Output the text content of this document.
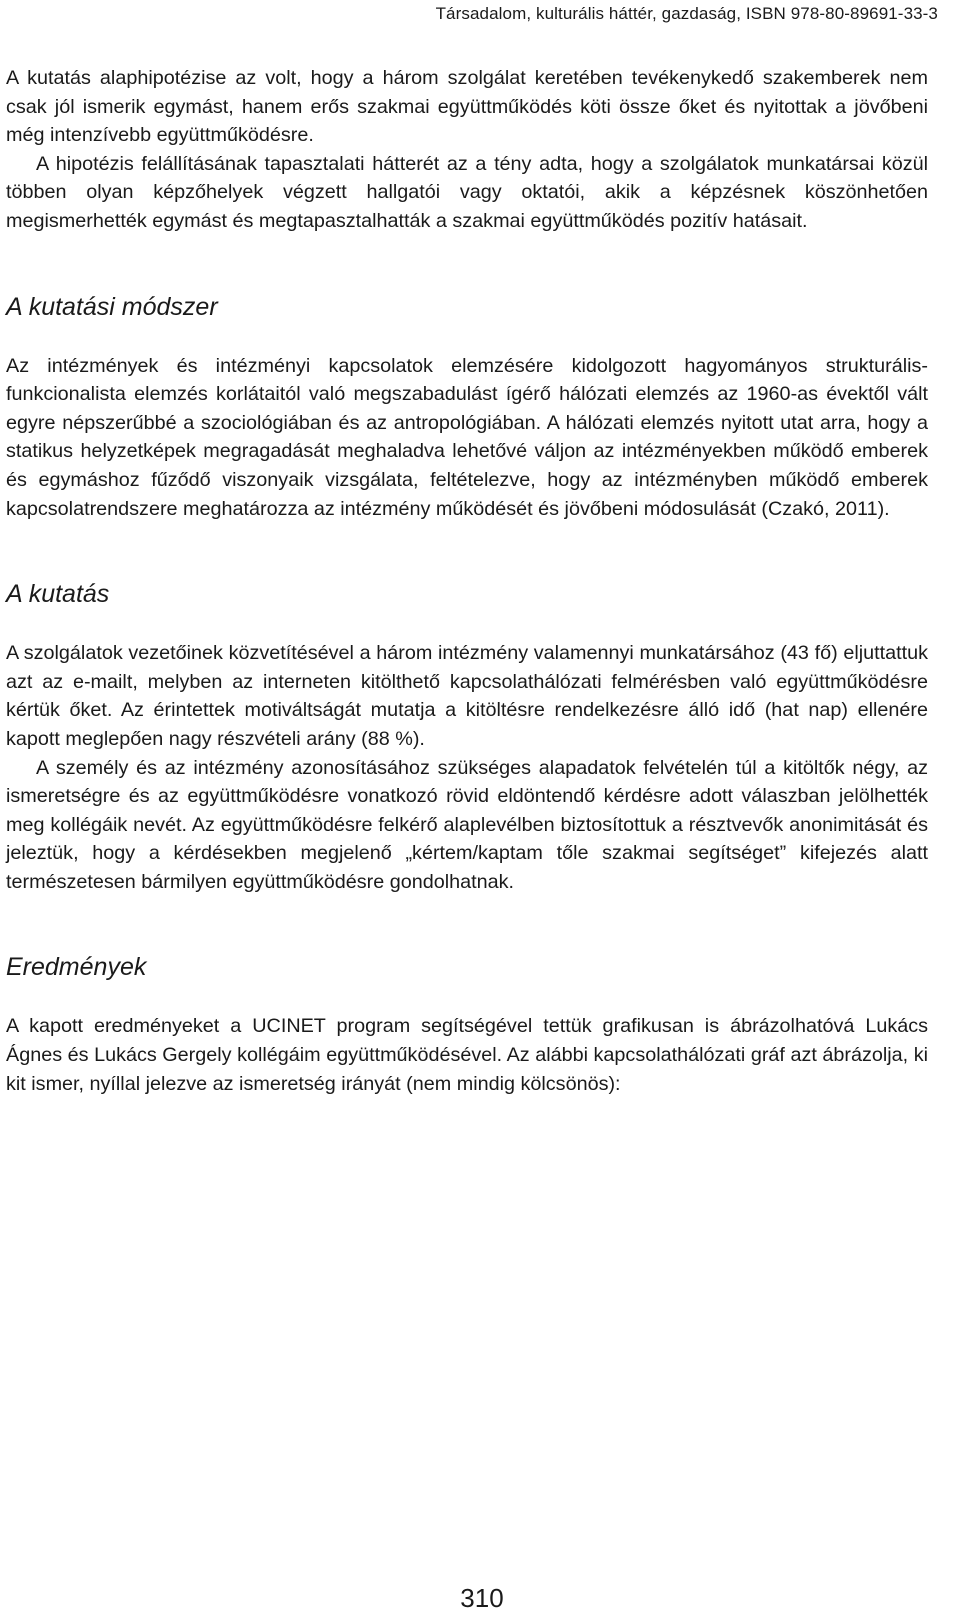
Társadalom, kulturális háttér, gazdaság, ISBN 978-80-89691-33-3

A kutatás alaphipotézise az volt, hogy a három szolgálat keretében tevékenykedő szakemberek nem csak jól ismerik egymást, hanem erős szakmai együttműködés köti össze őket és nyitottak a jövőbeni még intenzívebb együttműködésre.

A hipotézis felállításának tapasztalati hátterét az a tény adta, hogy a szolgálatok munkatársai közül többen olyan képzőhelyek végzett hallgatói vagy oktatói, akik a képzésnek köszönhetően megismerhették egymást és megtapasztalhatták a szakmai együttműködés pozitív hatásait.

A kutatási módszer

Az intézmények és intézményi kapcsolatok elemzésére kidolgozott hagyományos strukturális-funkcionalista elemzés korlátaitól való megszabadulást ígérő hálózati elemzés az 1960-as évektől vált egyre népszerűbbé a szociológiában és az antropológiában. A hálózati elemzés nyitott utat arra, hogy a statikus helyzetképek megragadását meghaladva lehetővé váljon az intézményekben működő emberek és egymáshoz fűződő viszonyaik vizsgálata, feltételezve, hogy az intézményben működő emberek kapcsolatrendszere meghatározza az intézmény működését és jövőbeni módosulását (Czakó, 2011).

A kutatás

A szolgálatok vezetőinek közvetítésével a három intézmény valamennyi munkatársához (43 fő) eljuttattuk azt az e-mailt, melyben az interneten kitölthető kapcsolathálózati felmérésben való együttműködésre kértük őket. Az érintettek motiváltságát mutatja a kitöltésre rendelkezésre álló idő (hat nap) ellenére kapott meglepően nagy részvételi arány (88 %).

A személy és az intézmény azonosításához szükséges alapadatok felvételén túl a kitöltők négy, az ismeretségre és az együttműködésre vonatkozó rövid eldöntendő kérdésre adott válaszban jelölhették meg kollégáik nevét. Az együttműködésre felkérő alaplevélben biztosítottuk a résztvevők anonimitását és jeleztük, hogy a kérdésekben megjelenő „kértem/kaptam tőle szakmai segítséget” kifejezés alatt természetesen bármilyen együttműködésre gondolhatnak.

Eredmények

A kapott eredményeket a UCINET program segítségével tettük grafikusan is ábrázolhatóvá Lukács Ágnes és Lukács Gergely kollégáim együttműködésével. Az alábbi kapcsolathálózati gráf azt ábrázolja, ki kit ismer, nyíllal jelezve az ismeretség irányát (nem mindig kölcsönös):

310
